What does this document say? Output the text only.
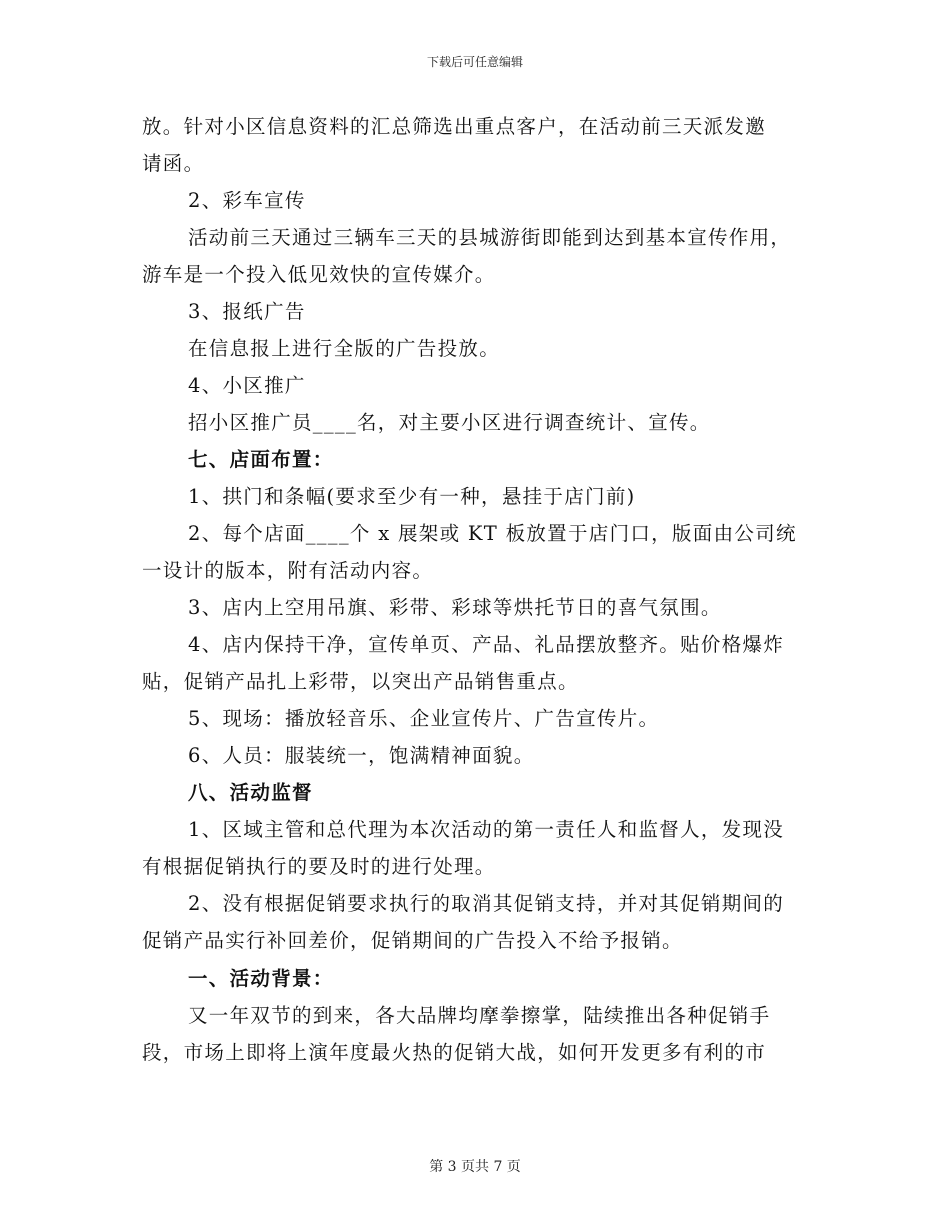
下载后可任意编辑

放。针对小区信息资料的汇总筛选出重点客户，在活动前三天派发邀

请函。

2、彩车宣传

活动前三天通过三辆车三天的县城游街即能到达到基本宣传作用，

游车是一个投入低见效快的宣传媒介。

3、报纸广告

在信息报上进行全版的广告投放。

4、小区推广

招小区推广员____名，对主要小区进行调查统计、宣传。

七、店面布置：

1、拱门和条幅(要求至少有一种，悬挂于店门前)

2、每个店面____个 x 展架或 KT 板放置于店门口，版面由公司统

一设计的版本，附有活动内容。

3、店内上空用吊旗、彩带、彩球等烘托节日的喜气氛围。

4、店内保持干净，宣传单页、产品、礼品摆放整齐。贴价格爆炸

贴，促销产品扎上彩带，以突出产品销售重点。

5、现场：播放轻音乐、企业宣传片、广告宣传片。

6、人员：服装统一，饱满精神面貌。

八、活动监督

1、区域主管和总代理为本次活动的第一责任人和监督人，发现没

有根据促销执行的要及时的进行处理。

2、没有根据促销要求执行的取消其促销支持，并对其促销期间的

促销产品实行补回差价，促销期间的广告投入不给予报销。

一、活动背景：

又一年双节的到来，各大品牌均摩拳擦掌，陆续推出各种促销手

段，市场上即将上演年度最火热的促销大战，如何开发更多有利的市

第 3 页共 7 页
